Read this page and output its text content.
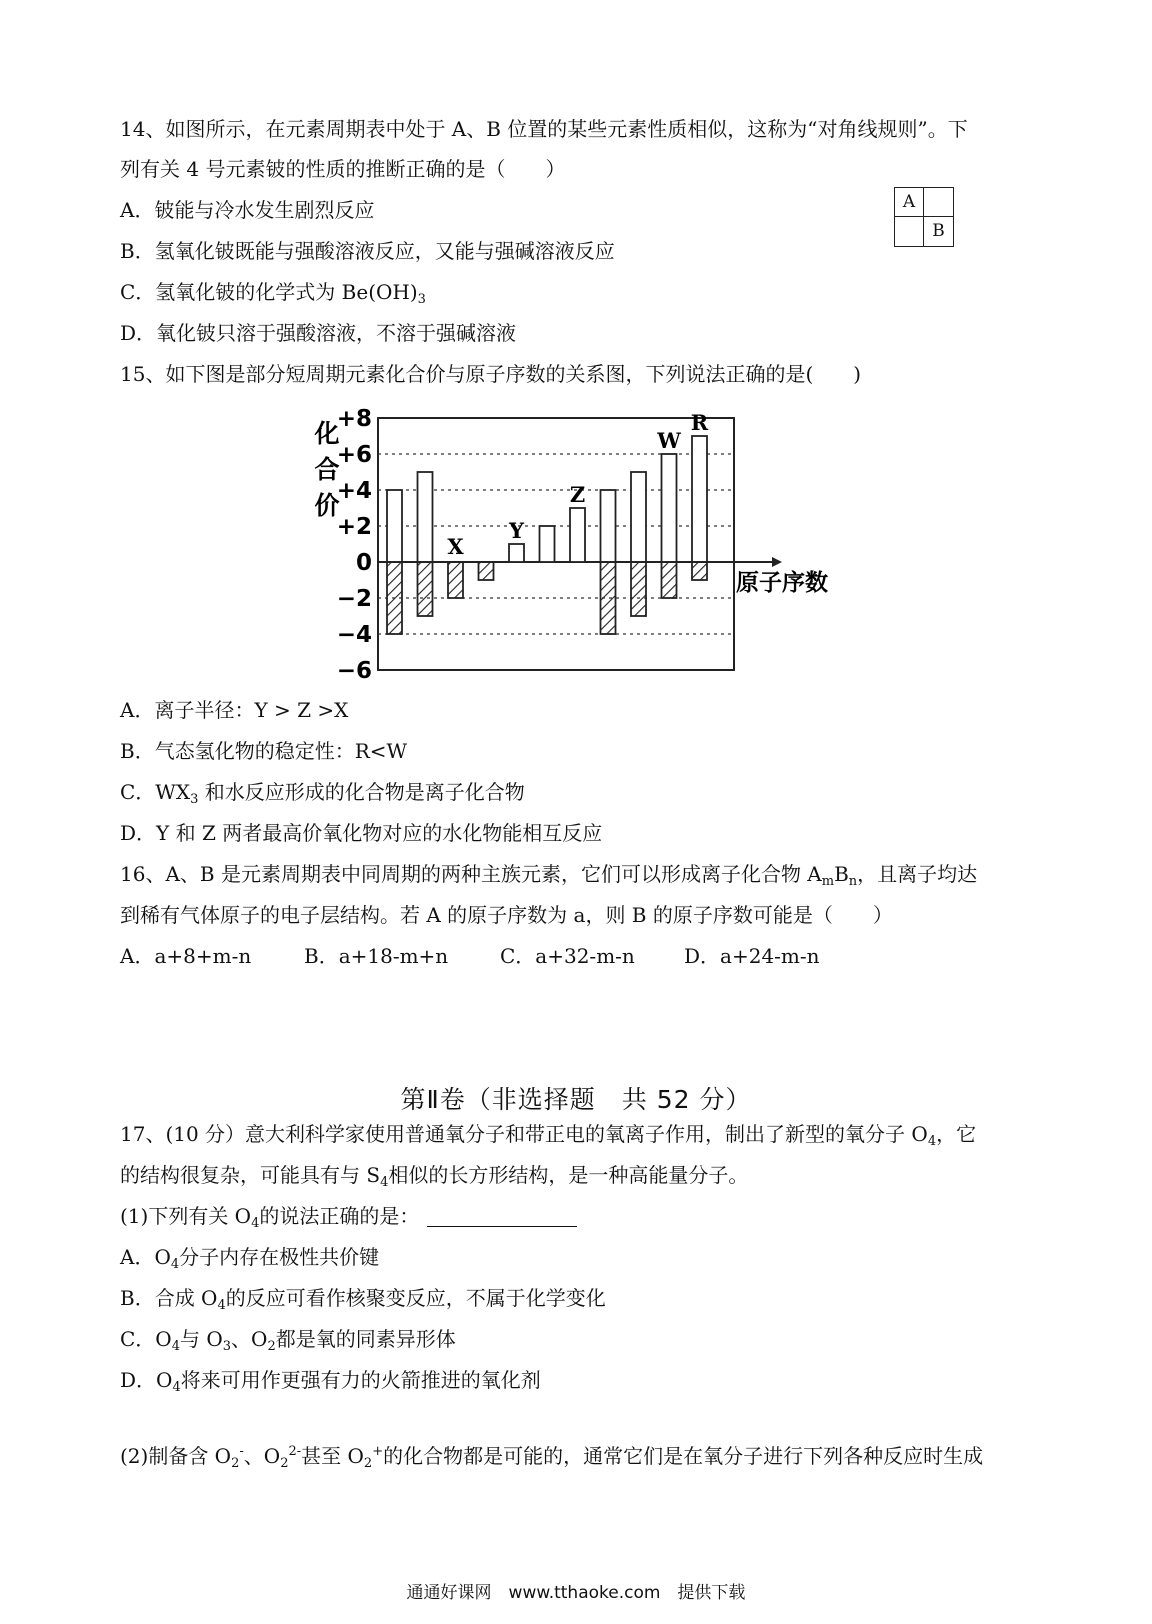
14、如图所示，在元素周期表中处于 A、B 位置的某些元素性质相似，这称为“对角线规则”。下
列有关 4 号元素铍的性质的推断正确的是（　　）
A
B
A．铍能与冷水发生剧烈反应
B．氢氧化铍既能与强酸溶液反应，又能与强碱溶液反应
C．氢氧化铍的化学式为 $Be(OH)_3$
D．氧化铍只溶于强酸溶液，不溶于强碱溶液
15、如下图是部分短周期元素化合价与原子序数的关系图，下列说法正确的是(　　)
+8
+6
+4
+2
0
−2
−4
−6
化
合
价
原子序数
X
Y
Z
W
R
A．离子半径：Y > Z >X
B．气态氢化物的稳定性：R<W
C．$WX_3$ 和水反应形成的化合物是离子化合物
D．Y 和 Z 两者最高价氧化物对应的水化物能相互反应
16、A、B 是元素周期表中同周期的两种主族元素，它们可以形成离子化合物 $A_mB_n$，且离子均达
到稀有气体原子的电子层结构。若 A 的原子序数为 a，则 B 的原子序数可能是（　　）
A．a+8+m-n	B．a+18-m+n	C．a+32-m-n D．a+24-m-n
第Ⅱ卷（非选择题　共 52 分）
17、(10 分）意大利科学家使用普通氧分子和带正电的氧离子作用，制出了新型的氧分子 $O_4$，它
的结构很复杂，可能具有与 $S_4$相似的长方形结构，是一种高能量分子。
(1)下列有关 $O_4$的说法正确的是：
A．$O_4$分子内存在极性共价键
B．合成 $O_4$的反应可看作核聚变反应，不属于化学变化
C．$O_4$与 $O_3$、$O_2$都是氧的同素异形体
D．$O_4$将来可用作更强有力的火箭推进的氧化剂
(2)制备含 $O_2^-$、$O_2^{2-}$甚至 $O_2^+$的化合物都是可能的，通常它们是在氧分子进行下列各种反应时生成
通通好课网　www.tthaoke.com　提供下载
